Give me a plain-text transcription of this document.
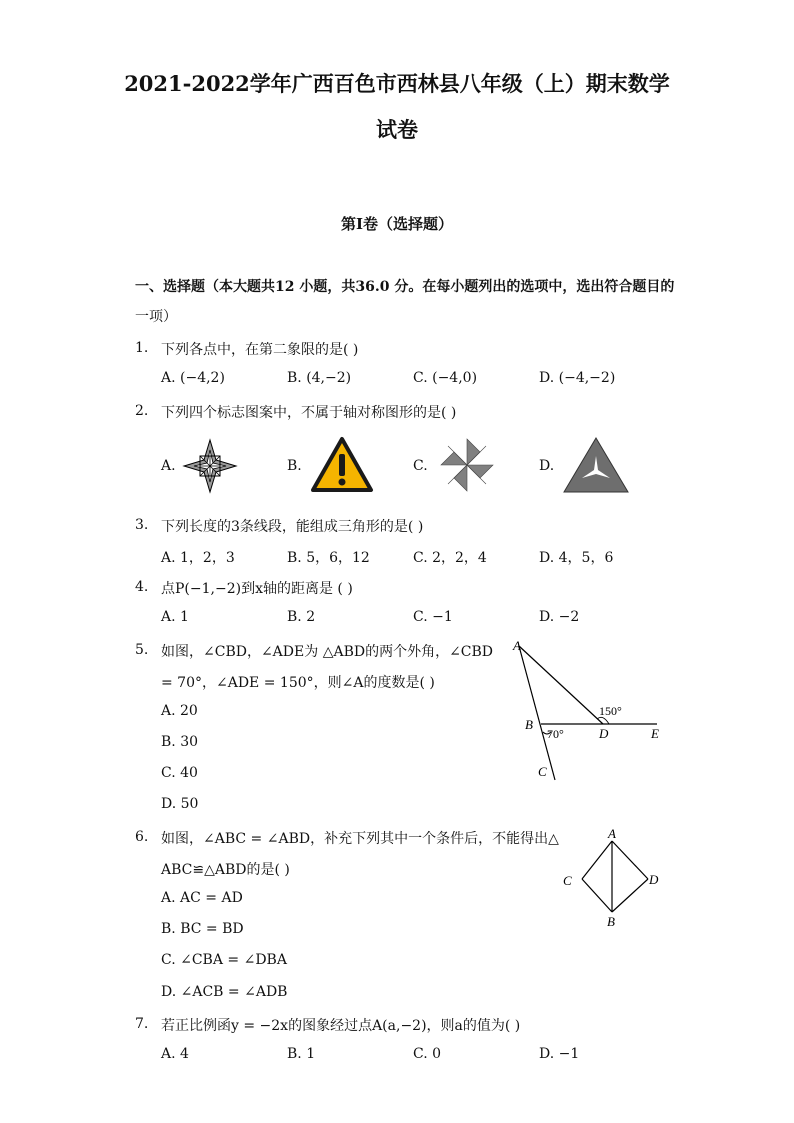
2021-2022学年广西百色市西林县八年级（上）期末数学
试卷
第I卷（选择题）
一、选择题（本大题共12 小题，共36.0 分。在每小题列出的选项中，选出符合题目的
一项）
1. 下列各点中，在第二象限的是( )
A. (−4,2)	B. (4,−2)	C. (−4,0)	D. (−4,−2)
2. 下列四个标志图案中，不属于轴对称图形的是( )
A.	B.	C.	D.
3. 下列长度的3条线段，能组成三角形的是( )
A. 1，2，3	B. 5，6，12	C. 2，2，4	D. 4，5，6
4. 点P(−1,−2)到x轴的距离是 ( )
A. 1	B. 2	C. −1	D. −2
5. 如图，∠CBD，∠ADE为 △ABD的两个外角，∠CBD
= 70°，∠ADE = 150°，则∠A的度数是( )
A. 20
B. 30
C. 40
D. 50
A
B
C
D	E
70°
150°
6. 如图，∠ABC = ∠ABD，补充下列其中一个条件后，不能得出△
ABC≌△ABD的是( )
A. AC = AD
B. BC = BD
C. ∠CBA = ∠DBA
D. ∠ACB = ∠ADB
A
C	D
B
7. 若正比例函y = −2x的图象经过点A(a,−2)，则a的值为( )
A. 4	B. 1	C. 0	D. −1
